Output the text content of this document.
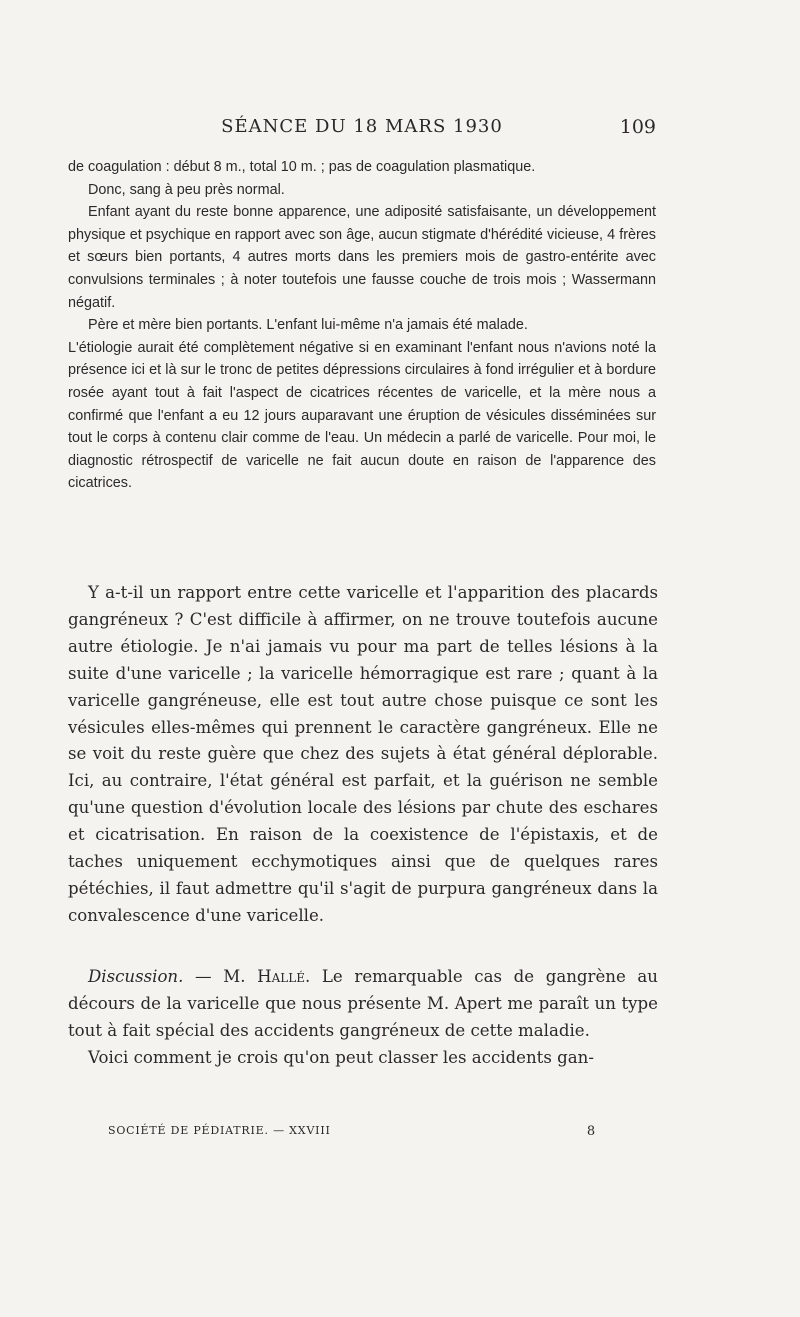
SÉANCE DU 18 MARS 1930	109

de coagulation : début 8 m., total 10 m. ; pas de coagulation plasmatique.

Donc, sang à peu près normal.

Enfant ayant du reste bonne apparence, une adiposité satisfaisante, un développement physique et psychique en rapport avec son âge, aucun stigmate d'hérédité vicieuse, 4 frères et sœurs bien portants, 4 autres morts dans les premiers mois de gastro-entérite avec convulsions terminales ; à noter toutefois une fausse couche de trois mois ; Wassermann négatif.

Père et mère bien portants. L'enfant lui-même n'a jamais été malade.

L'étiologie aurait été complètement négative si en examinant l'enfant nous n'avions noté la présence ici et là sur le tronc de petites dépressions circulaires à fond irrégulier et à bordure rosée ayant tout à fait l'aspect de cicatrices récentes de varicelle, et la mère nous a confirmé que l'enfant a eu 12 jours auparavant une éruption de vésicules disséminées sur tout le corps à contenu clair comme de l'eau. Un médecin a parlé de varicelle. Pour moi, le diagnostic rétrospectif de varicelle ne fait aucun doute en raison de l'apparence des cicatrices.

Y a-t-il un rapport entre cette varicelle et l'apparition des placards gangréneux ? C'est difficile à affirmer, on ne trouve toutefois aucune autre étiologie. Je n'ai jamais vu pour ma part de telles lésions à la suite d'une varicelle ; la varicelle hémorragique est rare ; quant à la varicelle gangréneuse, elle est tout autre chose puisque ce sont les vésicules elles-mêmes qui prennent le caractère gangréneux. Elle ne se voit du reste guère que chez des sujets à état général déplorable. Ici, au contraire, l'état général est parfait, et la guérison ne semble qu'une question d'évolution locale des lésions par chute des eschares et cicatrisation. En raison de la coexistence de l'épistaxis, et de taches uniquement ecchymotiques ainsi que de quelques rares pétéchies, il faut admettre qu'il s'agit de purpura gangréneux dans la convalescence d'une varicelle.

Discussion. — M. Hallé. Le remarquable cas de gangrène au décours de la varicelle que nous présente M. Apert me paraît un type tout à fait spécial des accidents gangréneux de cette maladie.

Voici comment je crois qu'on peut classer les accidents gan-

SOCIÉTÉ DE PÉDIATRIE. — XXVIII	8
